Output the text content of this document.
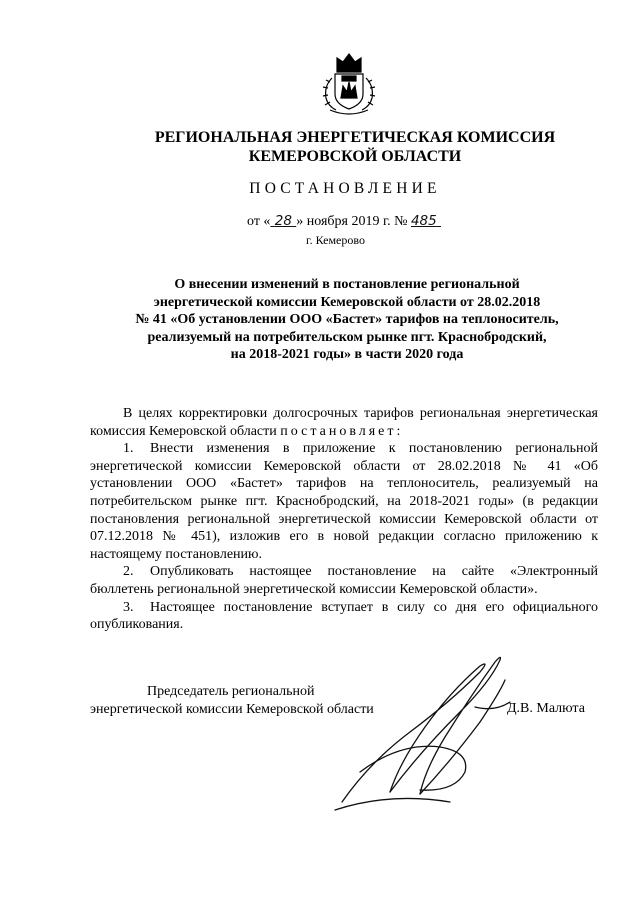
РЕГИОНАЛЬНАЯ ЭНЕРГЕТИЧЕСКАЯ КОМИССИЯ
КЕМЕРОВСКОЙ ОБЛАСТИ
ПОСТАНОВЛЕНИЕ
от « 28 » ноября 2019 г. № 485
г. Кемерово
О внесении изменений в постановление региональной
энергетической комиссии Кемеровской области от 28.02.2018
№ 41 «Об установлении ООО «Бастет» тарифов на теплоноситель,
реализуемый на потребительском рынке пгт. Краснобродский,
на 2018-2021 годы» в части 2020 года

В целях корректировки долгосрочных тарифов региональная энергетическая комиссия Кемеровской области постановляет:

1. Внести изменения в приложение к постановлению региональной энергетической комиссии Кемеровской области от 28.02.2018 № 41 «Об установлении ООО «Бастет» тарифов на теплоноситель, реализуемый на потребительском рынке пгт. Краснобродский, на 2018-2021 годы» (в редакции постановления региональной энергетической комиссии Кемеровской области от 07.12.2018 № 451), изложив его в новой редакции согласно приложению к настоящему постановлению.

2. Опубликовать настоящее постановление на сайте «Электронный бюллетень региональной энергетической комиссии Кемеровской области».

3. Настоящее постановление вступает в силу со дня его официального опубликования.

Председатель региональной
энергетической комиссии Кемеровской области	Д.В. Малюта
